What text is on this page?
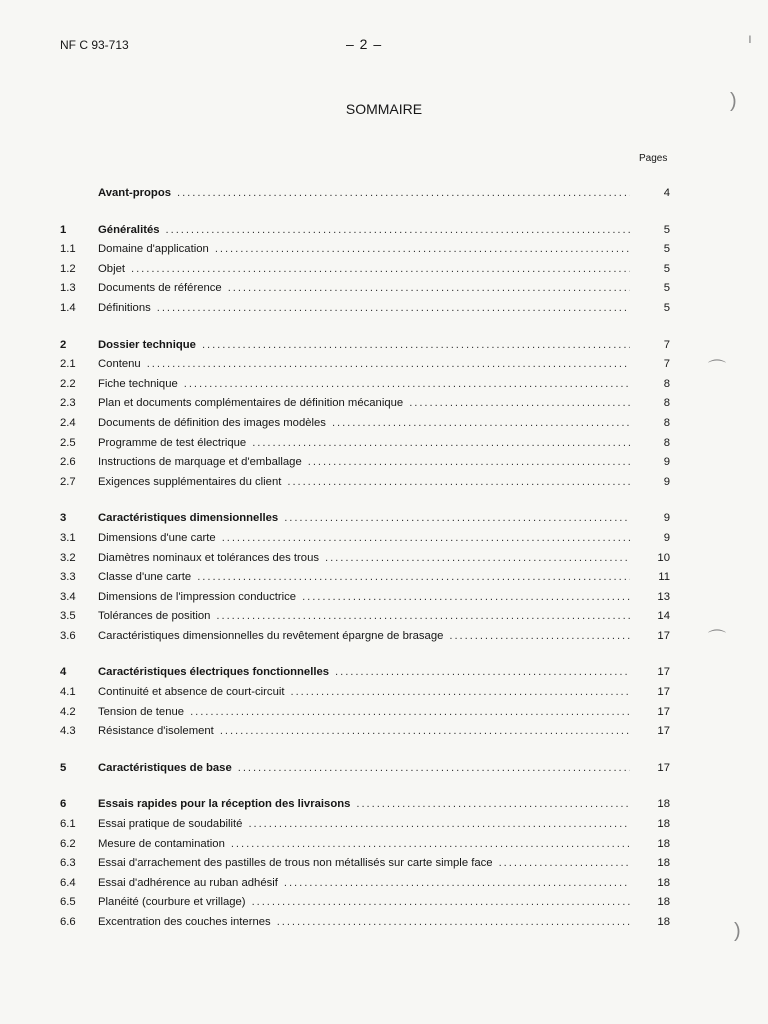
NF C 93-713	– 2 –
SOMMAIRE
Pages
Avant-propos . . .	4
1	Généralités . . .	5
1.1	Domaine d'application . . .	5
1.2	Objet . . .	5
1.3	Documents de référence . . .	5
1.4	Définitions . . .	5
2	Dossier technique . . .	7
2.1	Contenu . . .	7
2.2	Fiche technique . . .	8
2.3	Plan et documents complémentaires de définition mécanique . . .	8
2.4	Documents de définition des images modèles . . .	8
2.5	Programme de test électrique . . .	8
2.6	Instructions de marquage et d'emballage . . .	9
2.7	Exigences supplémentaires du client . . .	9
3	Caractéristiques dimensionnelles . . .	9
3.1	Dimensions d'une carte . . .	9
3.2	Diamètres nominaux et tolérances des trous . . .	10
3.3	Classe d'une carte . . .	11
3.4	Dimensions de l'impression conductrice . . .	13
3.5	Tolérances de position . . .	14
3.6	Caractéristiques dimensionnelles du revêtement épargne de brasage . . .	17
4	Caractéristiques électriques fonctionnelles . . .	17
4.1	Continuité et absence de court-circuit . . .	17
4.2	Tension de tenue . . .	17
4.3	Résistance d'isolement . . .	17
5	Caractéristiques de base . . .	17
6	Essais rapides pour la réception des livraisons . . .	18
6.1	Essai pratique de soudabilité . . .	18
6.2	Mesure de contamination . . .	18
6.3	Essai d'arrachement des pastilles de trous non métallisés sur carte simple face . . .	18
6.4	Essai d'adhérence au ruban adhésif . . .	18
6.5	Planéité (courbure et vrillage) . . .	18
6.6	Excentration des couches internes . . .	18
ı
)
⌒
⌒
)
